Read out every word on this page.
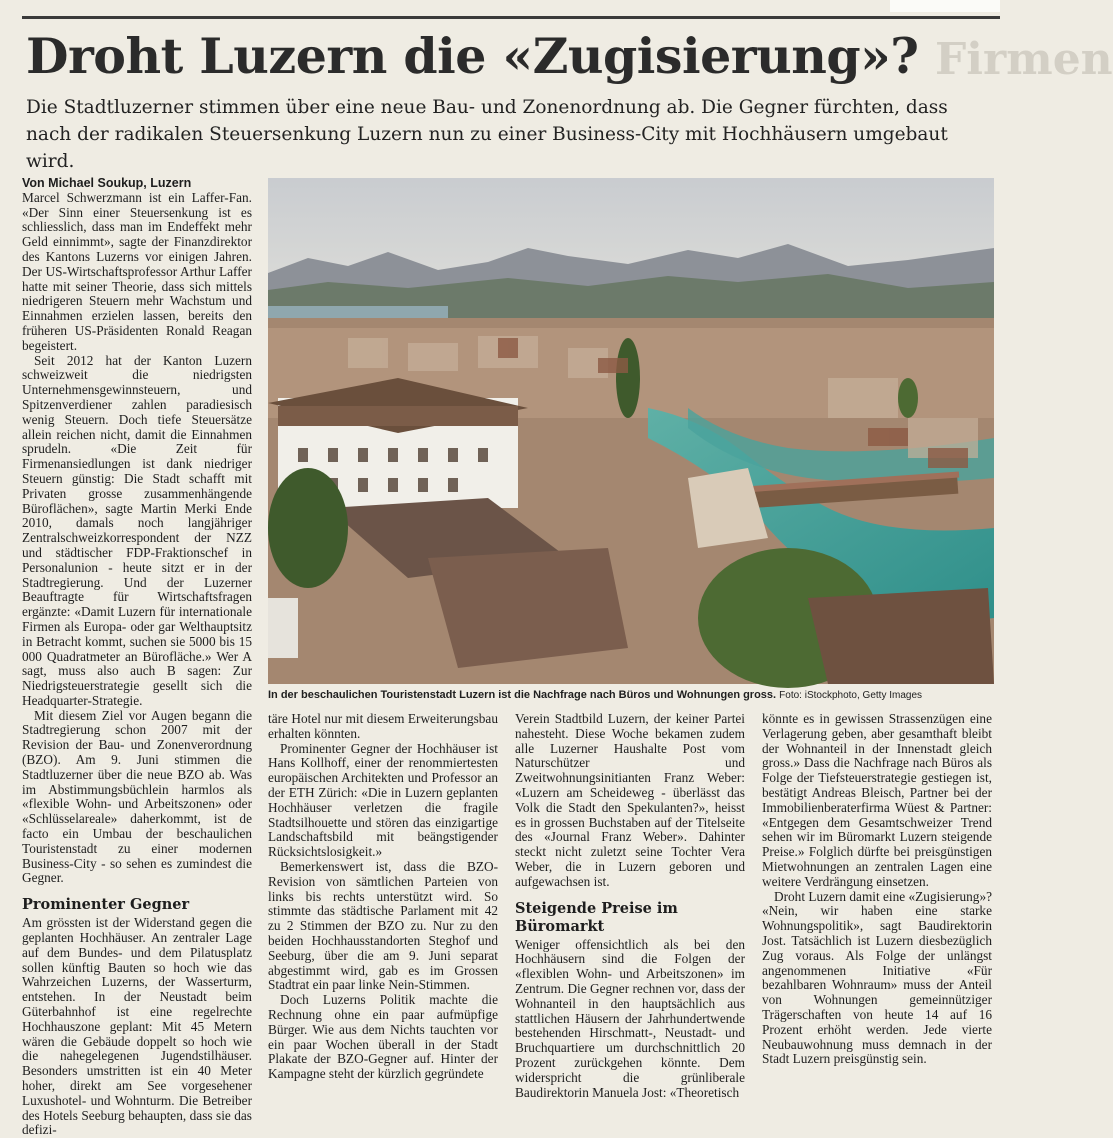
Droht Luzern die «Zugisierung»? Firmen

Die Stadtluzerner stimmen über eine neue Bau- und Zonenordnung ab. Die Gegner fürchten, dass nach der radikalen Steuersenkung Luzern nun zu einer Business-City mit Hochhäusern umgebaut wird.

Von Michael Soukup, Luzern

Marcel Schwerzmann ist ein Laffer-Fan. «Der Sinn einer Steuersenkung ist es schliesslich, dass man im Endeffekt mehr Geld einnimmt», sagte der Finanzdirektor des Kantons Luzerns vor einigen Jahren. Der US-Wirtschaftsprofessor Arthur Laffer hatte mit seiner Theorie, dass sich mittels niedrigeren Steuern mehr Wachstum und Einnahmen erzielen lassen, bereits den früheren US-Präsidenten Ronald Reagan begeistert.

Seit 2012 hat der Kanton Luzern schweizweit die niedrigsten Unternehmensgewinnsteuern, und Spitzenverdiener zahlen paradiesisch wenig Steuern. Doch tiefe Steuersätze allein reichen nicht, damit die Einnahmen sprudeln. «Die Zeit für Firmenansiedlungen ist dank niedriger Steuern günstig: Die Stadt schafft mit Privaten grosse zusammenhängende Büroflächen», sagte Martin Merki Ende 2010, damals noch langjähriger Zentralschweizkorrespondent der NZZ und städtischer FDP-Fraktionschef in Personalunion - heute sitzt er in der Stadtregierung. Und der Luzerner Beauftragte für Wirtschaftsfragen ergänzte: «Damit Luzern für internationale Firmen als Europa- oder gar Welthauptsitz in Betracht kommt, suchen sie 5000 bis 15 000 Quadratmeter an Bürofläche.» Wer A sagt, muss also auch B sagen: Zur Niedrigsteuerstrategie gesellt sich die Headquarter-Strategie.

Mit diesem Ziel vor Augen begann die Stadtregierung schon 2007 mit der Revision der Bau- und Zonenverordnung (BZO). Am 9. Juni stimmen die Stadtluzerner über die neue BZO ab. Was im Abstimmungsbüchlein harmlos als «flexible Wohn- und Arbeitszonen» oder «Schlüsselareale» daherkommt, ist de facto ein Umbau der beschaulichen Touristenstadt zu einer modernen Business-City - so sehen es zumindest die Gegner.

Prominenter Gegner

Am grössten ist der Widerstand gegen die geplanten Hochhäuser. An zentraler Lage auf dem Bundes- und dem Pilatusplatz sollen künftig Bauten so hoch wie das Wahrzeichen Luzerns, der Wasserturm, entstehen. In der Neustadt beim Güterbahnhof ist eine regelrechte Hochhauszone geplant: Mit 45 Metern wären die Gebäude doppelt so hoch wie die nahegelegenen Jugendstilhäuser. Besonders umstritten ist ein 40 Meter hoher, direkt am See vorgesehener Luxushotel- und Wohnturm. Die Betreiber des Hotels Seeburg behaupten, dass sie das defizi-

In der beschaulichen Touristenstadt Luzern ist die Nachfrage nach Büros und Wohnungen gross. Foto: iStockphoto, Getty Images

täre Hotel nur mit diesem Erweiterungsbau erhalten könnten.

Prominenter Gegner der Hochhäuser ist Hans Kollhoff, einer der renommiertesten europäischen Architekten und Professor an der ETH Zürich: «Die in Luzern geplanten Hochhäuser verletzen die fragile Stadtsilhouette und stören das einzigartige Landschaftsbild mit beängstigender Rücksichtslosigkeit.»

Bemerkenswert ist, dass die BZO-Revision von sämtlichen Parteien von links bis rechts unterstützt wird. So stimmte das städtische Parlament mit 42 zu 2 Stimmen der BZO zu. Nur zu den beiden Hochhausstandorten Steghof und Seeburg, über die am 9. Juni separat abgestimmt wird, gab es im Grossen Stadtrat ein paar linke Nein-Stimmen.

Doch Luzerns Politik machte die Rechnung ohne ein paar aufmüpfige Bürger. Wie aus dem Nichts tauchten vor ein paar Wochen überall in der Stadt Plakate der BZO-Gegner auf. Hinter der Kampagne steht der kürzlich gegründete

Verein Stadtbild Luzern, der keiner Partei nahesteht. Diese Woche bekamen zudem alle Luzerner Haushalte Post vom Naturschützer und Zweitwohnungsinitianten Franz Weber: «Luzern am Scheideweg - überlässt das Volk die Stadt den Spekulanten?», heisst es in grossen Buchstaben auf der Titelseite des «Journal Franz Weber». Dahinter steckt nicht zuletzt seine Tochter Vera Weber, die in Luzern geboren und aufgewachsen ist.

Steigende Preise im Büromarkt

Weniger offensichtlich als bei den Hochhäusern sind die Folgen der «flexiblen Wohn- und Arbeitszonen» im Zentrum. Die Gegner rechnen vor, dass der Wohnanteil in den hauptsächlich aus stattlichen Häusern der Jahrhundertwende bestehenden Hirschmatt-, Neustadt- und Bruchquartiere um durchschnittlich 20 Prozent zurückgehen könnte. Dem widerspricht die grünliberale Baudirektorin Manuela Jost: «Theoretisch

könnte es in gewissen Strassenzügen eine Verlagerung geben, aber gesamthaft bleibt der Wohnanteil in der Innenstadt gleich gross.» Dass die Nachfrage nach Büros als Folge der Tiefsteuerstrategie gestiegen ist, bestätigt Andreas Bleisch, Partner bei der Immobilienberaterfirma Wüest & Partner: «Entgegen dem Gesamtschweizer Trend sehen wir im Büromarkt Luzern steigende Preise.» Folglich dürfte bei preisgünstigen Mietwohnungen an zentralen Lagen eine weitere Verdrängung einsetzen.

Droht Luzern damit eine «Zugisierung»? «Nein, wir haben eine starke Wohnungspolitik», sagt Baudirektorin Jost. Tatsächlich ist Luzern diesbezüglich Zug voraus. Als Folge der unlängst angenommenen Initiative «Für bezahlbaren Wohnraum» muss der Anteil von Wohnungen gemeinnütziger Trägerschaften von heute 14 auf 16 Prozent erhöht werden. Jede vierte Neubauwohnung muss demnach in der Stadt Luzern preisgünstig sein.
